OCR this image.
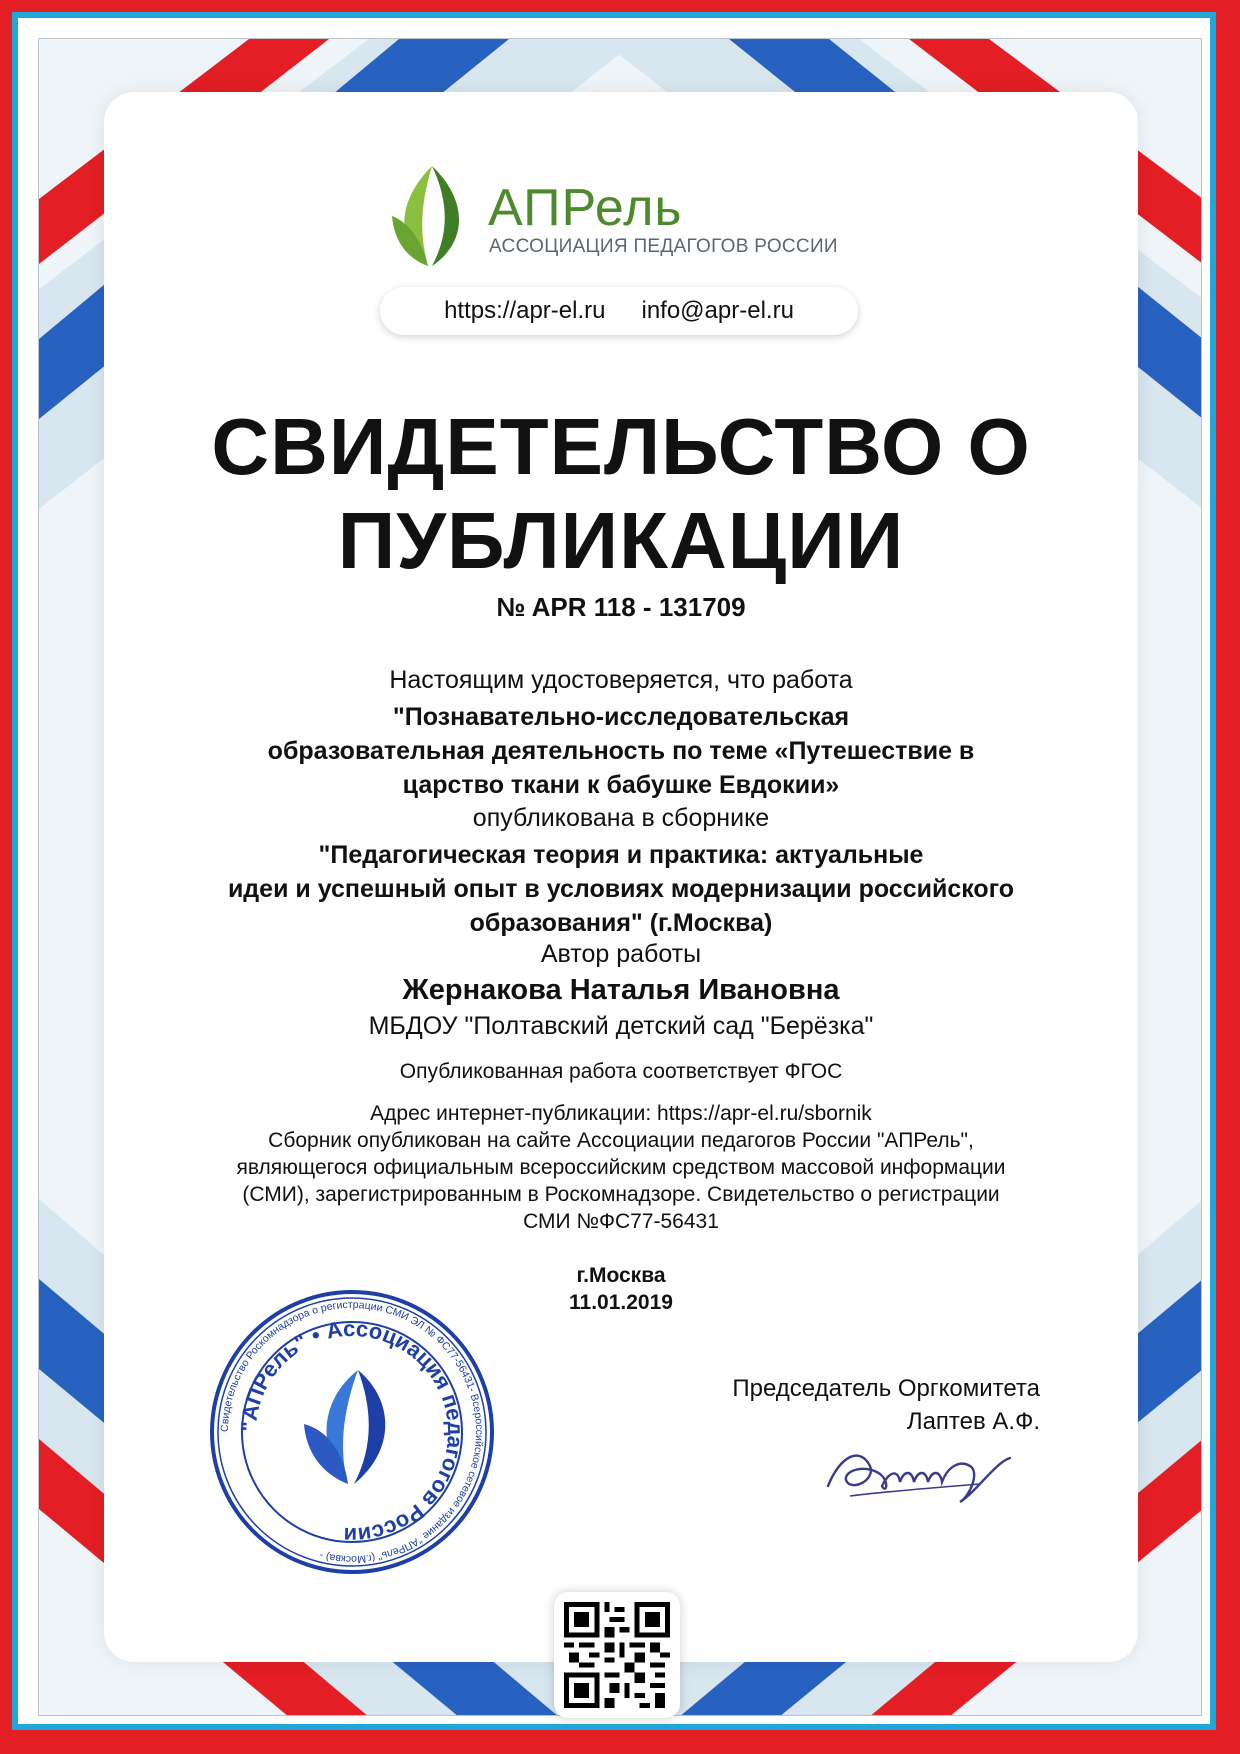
АПРель
АССОЦИАЦИЯ ПЕДАГОГОВ РОССИИ
https://apr-el.ru info@apr-el.ru
СВИДЕТЕЛЬСТВО О
ПУБЛИКАЦИИ
№ APR 118 - 131709
Настоящим удостоверяется, что работа
"Познавательно-исследовательская
образовательная деятельность по теме «Путешествие в
царство ткани к бабушке Евдокии»
опубликована в сборнике
"Педагогическая теория и практика: актуальные
идеи и успешный опыт в условиях модернизации российского
образования" (г.Москва)
Автор работы
Жернакова Наталья Ивановна
МБДОУ "Полтавский детский сад "Берёзка"
Опубликованная работа соответствует ФГОС
Адрес интернет-публикации: https://apr-el.ru/sbornik
Сборник опубликован на сайте Ассоциации педагогов России "АПРель",
являющегося официальным всероссийским средством массовой информации
(СМИ), зарегистрированным в Роскомнадзоре. Свидетельство о регистрации
СМИ №ФС77-56431
г.Москва
11.01.2019
Свидетельство Роскомнадзора о регистрации СМИ ЭЛ № ФС77-56431- Всероссийское сетевое издание "АПРель" (г.Москва) -
"АПРель" • Ассоциация педагогов России
Председатель Оргкомитета
Лаптев А.Ф.
